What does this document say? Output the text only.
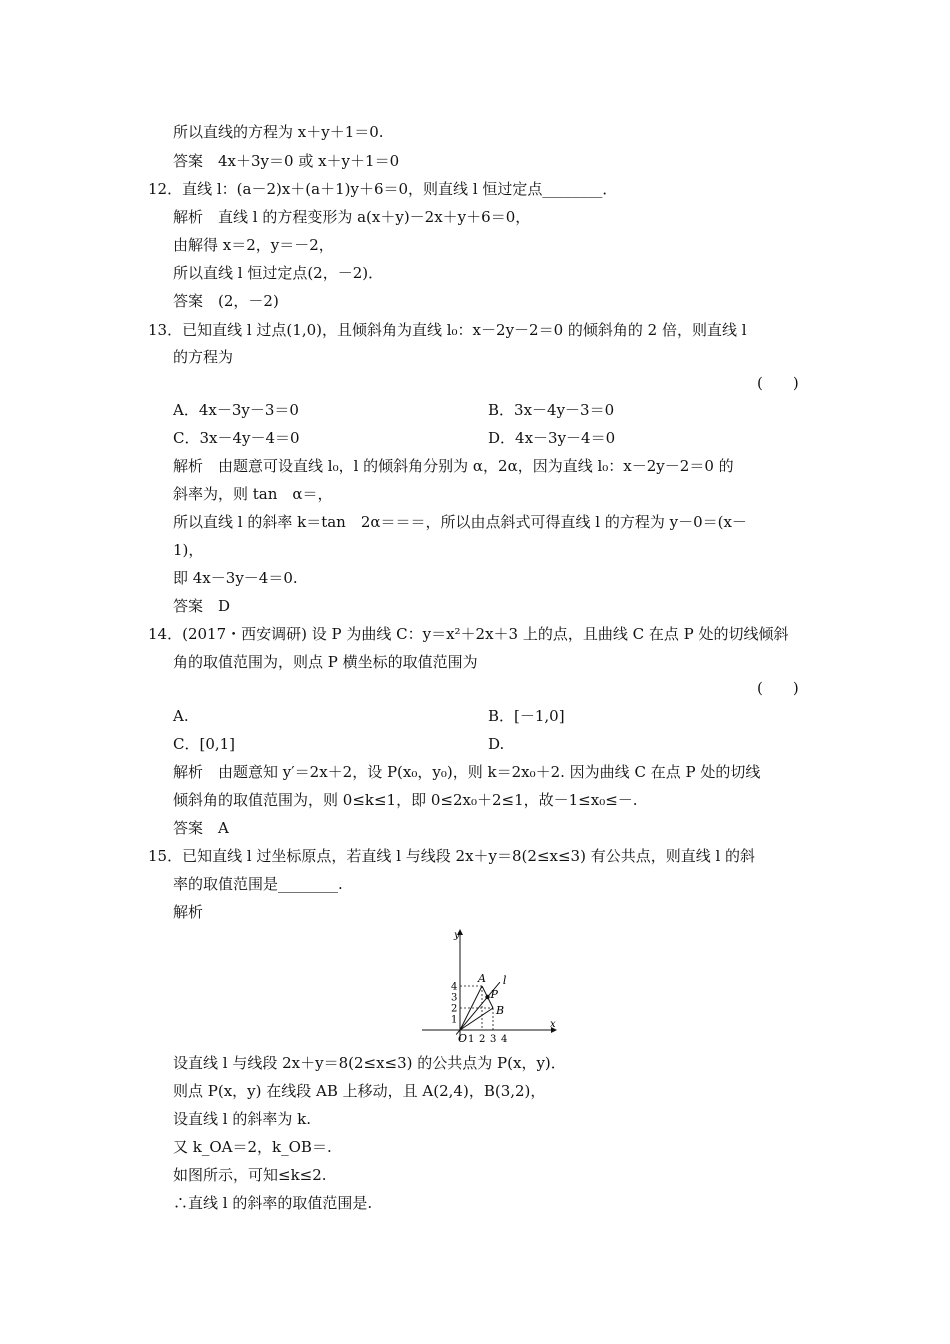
所以直线的方程为 x＋y＋1＝0.
答案　4x＋3y＝0 或 x＋y＋1＝0
12．直线 l：(a－2)x＋(a＋1)y＋6＝0，则直线 l 恒过定点________．
解析　直线 l 的方程变形为 a(x＋y)－2x＋y＋6＝0，
由解得 x＝2，y＝－2，
所以直线 l 恒过定点(2，－2)．
答案　(2，－2)
13．已知直线 l 过点(1,0)，且倾斜角为直线 l₀：x－2y－2＝0 的倾斜角的 2 倍，则直线 l
的方程为
(　　)
A．4x－3y－3＝0	B．3x－4y－3＝0
C．3x－4y－4＝0	D．4x－3y－4＝0
解析　由题意可设直线 l₀，l 的倾斜角分别为 α，2α，因为直线 l₀：x－2y－2＝0 的
斜率为，则 tan　α＝，
所以直线 l 的斜率 k＝tan　2α＝＝＝，所以由点斜式可得直线 l 的方程为 y－0＝(x－
1)，
即 4x－3y－4＝0.
答案　D
14．(2017・西安调研) 设 P 为曲线 C：y＝x²＋2x＋3 上的点，且曲线 C 在点 P 处的切线倾斜
角的取值范围为，则点 P 横坐标的取值范围为
(　　)
A.	B．[－1,0]
C．[0,1]	D.
解析　由题意知 y′＝2x＋2，设 P(x₀，y₀)，则 k＝2x₀＋2. 因为曲线 C 在点 P 处的切线
倾斜角的取值范围为，则 0≤k≤1，即 0≤2x₀＋2≤1，故－1≤x₀≤－.
答案　A
15．已知直线 l 过坐标原点，若直线 l 与线段 2x＋y＝8(2≤x≤3) 有公共点，则直线 l 的斜
率的取值范围是________.
解析
y
x
O
1
2
3
4
1 2 3 4
A
B
P
l
设直线 l 与线段 2x＋y＝8(2≤x≤3) 的公共点为 P(x，y)．
则点 P(x，y) 在线段 AB 上移动，且 A(2,4)，B(3,2)，
设直线 l 的斜率为 k.
又 k_OA＝2，k_OB＝.
如图所示，可知≤k≤2.
∴直线 l 的斜率的取值范围是.
